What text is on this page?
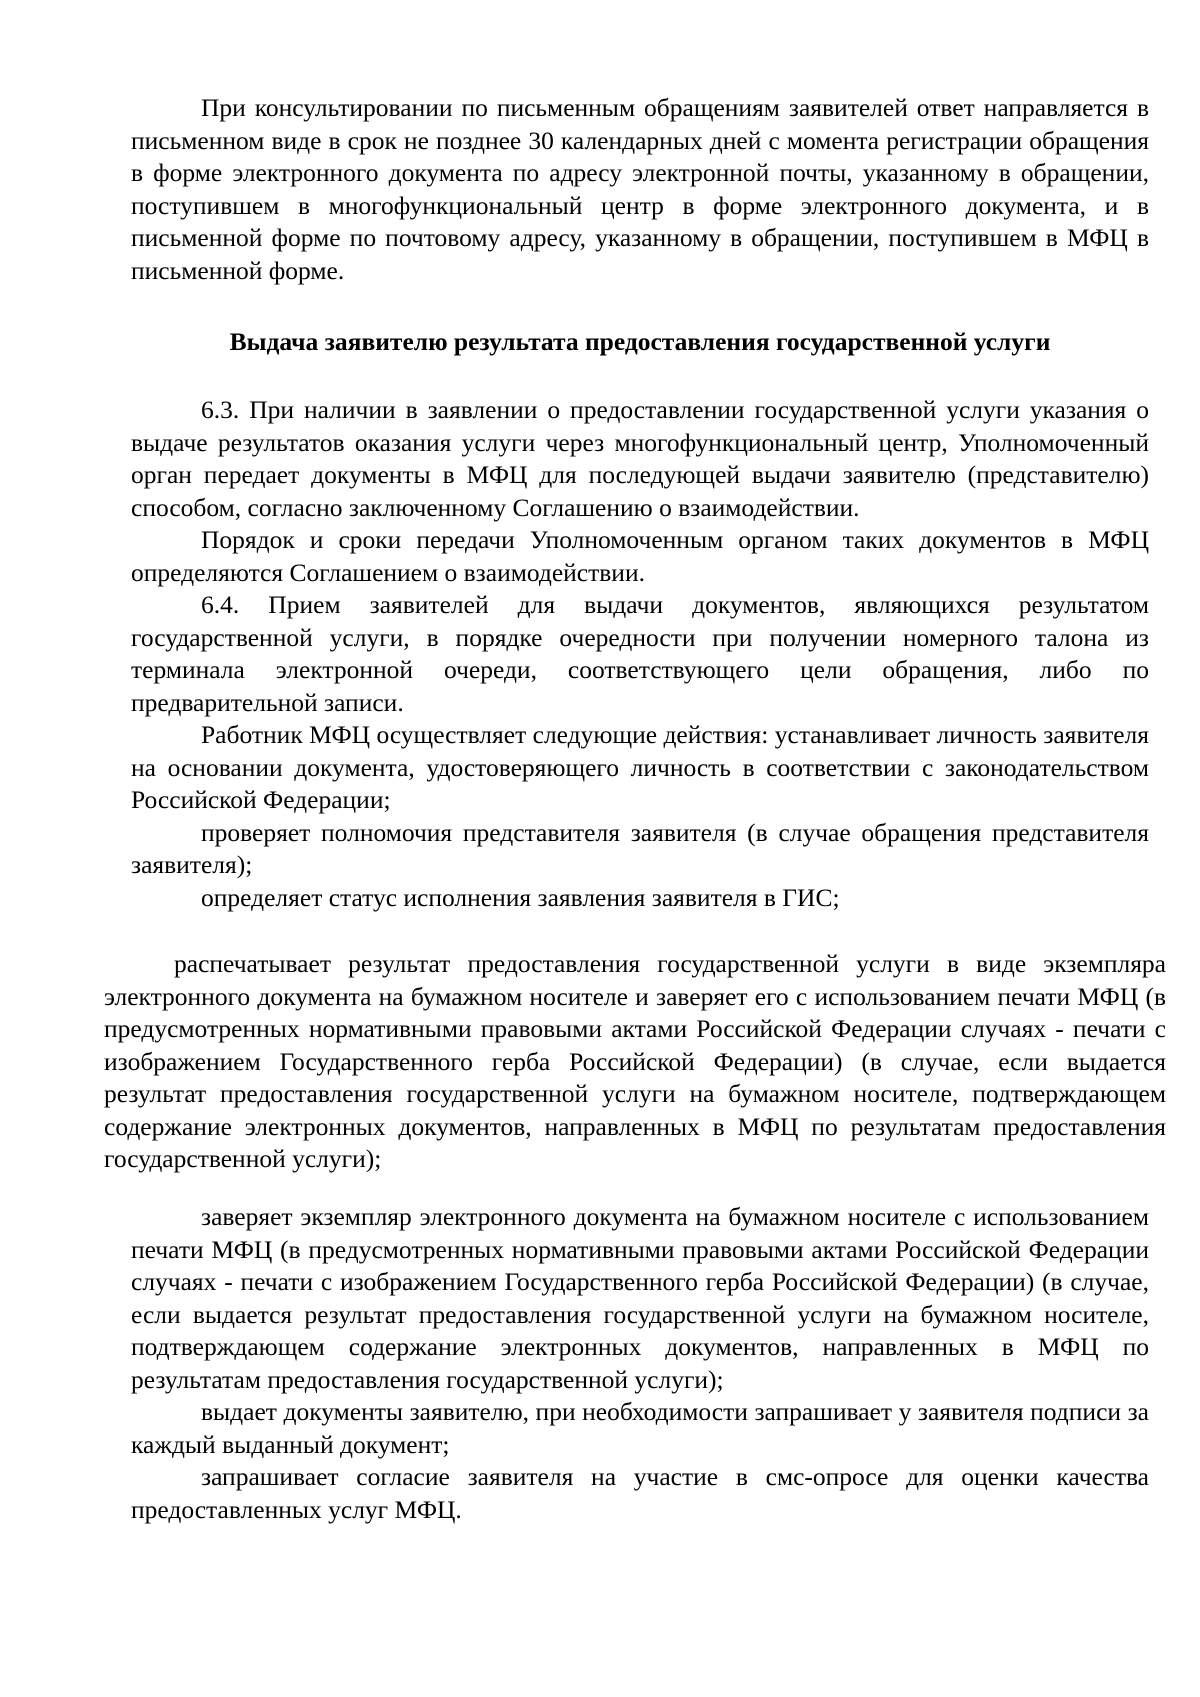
При консультировании по письменным обращениям заявителей ответ направляется в письменном виде в срок не позднее 30 календарных дней с момента регистрации обращения в форме электронного документа по адресу электронной почты, указанному в обращении, поступившем в многофункциональный центр в форме электронного документа, и в письменной форме по почтовому адресу, указанному в обращении, поступившем в МФЦ в письменной форме.

Выдача заявителю результата предоставления государственной услуги

6.3. При наличии в заявлении о предоставлении государственной услуги указания о выдаче результатов оказания услуги через многофункциональный центр, Уполномоченный орган передает документы в МФЦ для последующей выдачи заявителю (представителю) способом, согласно заключенному Соглашению о взаимодействии.

Порядок и сроки передачи Уполномоченным органом таких документов в МФЦ определяются Соглашением о взаимодействии.

6.4. Прием заявителей для выдачи документов, являющихся результатом государственной услуги, в порядке очередности при получении номерного талона из терминала электронной очереди, соответствующего цели обращения, либо по предварительной записи.

Работник МФЦ осуществляет следующие действия: устанавливает личность заявителя на основании документа, удостоверяющего личность в соответствии с законодательством Российской Федерации;

проверяет полномочия представителя заявителя (в случае обращения представителя заявителя);

определяет статус исполнения заявления заявителя в ГИС;

распечатывает результат предоставления государственной услуги в виде экземпляра электронного документа на бумажном носителе и заверяет его с использованием печати МФЦ (в предусмотренных нормативными правовыми актами Российской Федерации случаях - печати с изображением Государственного герба Российской Федерации) (в случае, если выдается результат предоставления государственной услуги на бумажном носителе, подтверждающем содержание электронных документов, направленных в МФЦ по результатам предоставления государственной услуги);

заверяет экземпляр электронного документа на бумажном носителе с использованием печати МФЦ (в предусмотренных нормативными правовыми актами Российской Федерации случаях - печати с изображением Государственного герба Российской Федерации) (в случае, если выдается результат предоставления государственной услуги на бумажном носителе, подтверждающем содержание электронных документов, направленных в МФЦ по результатам предоставления государственной услуги);

выдает документы заявителю, при необходимости запрашивает у заявителя подписи за каждый выданный документ;

запрашивает согласие заявителя на участие в смс-опросе для оценки качества предоставленных услуг МФЦ.
